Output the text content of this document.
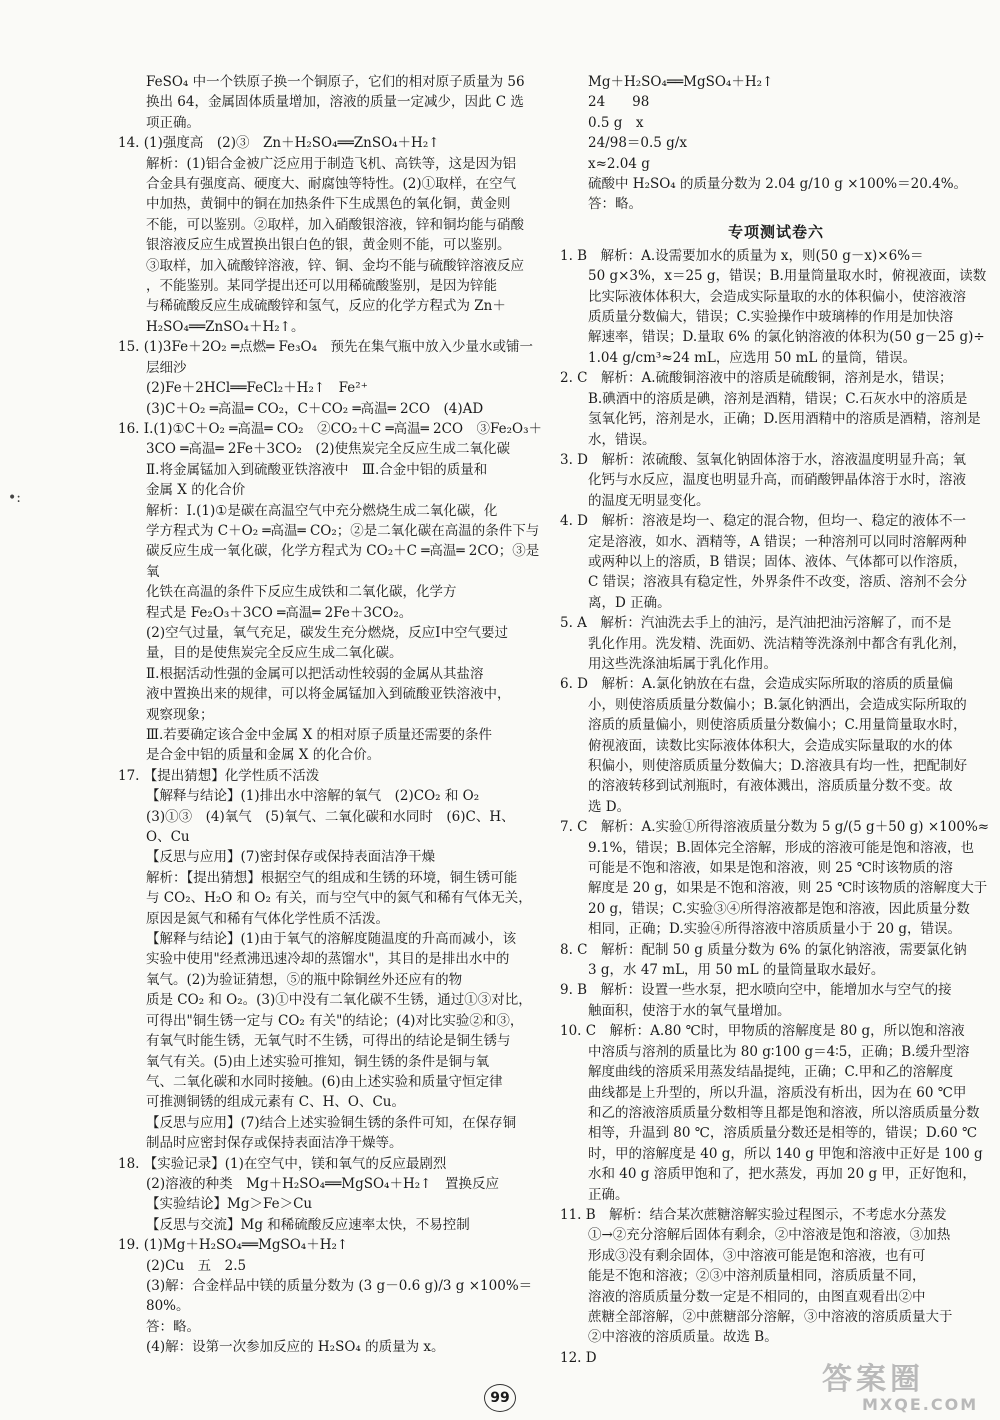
FeSO₄ 中一个铁原子换一个铜原子，它们的相对原子质量为 56

换出 64，金属固体质量增加，溶液的质量一定减少，因此 C 选

项正确。

14. (1)强度高　(2)③　Zn＋H₂SO₄══ZnSO₄＋H₂↑

解析：(1)铝合金被广泛应用于制造飞机、高铁等，这是因为铝

合金具有强度高、硬度大、耐腐蚀等特性。(2)①取样，在空气

中加热，黄铜中的铜在加热条件下生成黑色的氧化铜，黄金则

不能，可以鉴别。②取样，加入硝酸银溶液，锌和铜均能与硝酸

银溶液反应生成置换出银白色的银，黄金则不能，可以鉴别。

③取样，加入硫酸锌溶液，锌、铜、金均不能与硫酸锌溶液反应

，不能鉴别。某同学提出还可以用稀硫酸鉴别，是因为锌能

与稀硫酸反应生成硫酸锌和氢气，反应的化学方程式为 Zn＋

H₂SO₄══ZnSO₄＋H₂↑。

15. (1)3Fe＋2O₂ ═点燃═ Fe₃O₄　预先在集气瓶中放入少量水或铺一

层细沙

(2)Fe＋2HCl══FeCl₂＋H₂↑　Fe²⁺

(3)C＋O₂ ═高温═ CO₂，C＋CO₂ ═高温═ 2CO　(4)AD

16. Ⅰ.(1)①C＋O₂ ═高温═ CO₂　②CO₂＋C ═高温═ 2CO　③Fe₂O₃＋

3CO ═高温═ 2Fe＋3CO₂　(2)使焦炭完全反应生成二氧化碳

Ⅱ.将金属锰加入到硫酸亚铁溶液中　Ⅲ.合金中铝的质量和

金属 X 的化合价

解析：Ⅰ.(1)①是碳在高温空气中充分燃烧生成二氧化碳，化

学方程式为 C＋O₂ ═高温═ CO₂；②是二氧化碳在高温的条件下与

碳反应生成一氧化碳，化学方程式为 CO₂＋C ═高温═ 2CO；③是氧

化铁在高温的条件下反应生成铁和二氧化碳，化学方

程式是 Fe₂O₃＋3CO ═高温═ 2Fe＋3CO₂。

(2)空气过量，氧气充足，碳发生充分燃烧，反应Ⅰ中空气要过

量，目的是使焦炭完全反应生成二氧化碳。

Ⅱ.根据活动性强的金属可以把活动性较弱的金属从其盐溶

液中置换出来的规律，可以将金属锰加入到硫酸亚铁溶液中，

观察现象；

Ⅲ.若要确定该合金中金属 X 的相对原子质量还需要的条件

是合金中铝的质量和金属 X 的化合价。

17. 【提出猜想】化学性质不活泼

【解释与结论】(1)排出水中溶解的氧气　(2)CO₂ 和 O₂

(3)①③　(4)氧气　(5)氧气、二氧化碳和水同时　(6)C、H、

O、Cu

【反思与应用】(7)密封保存或保持表面洁净干燥

解析：【提出猜想】根据空气的组成和生锈的环境，铜生锈可能

与 CO₂、H₂O 和 O₂ 有关，而与空气中的氮气和稀有气体无关，

原因是氮气和稀有气体化学性质不活泼。

【解释与结论】(1)由于氧气的溶解度随温度的升高而减小，该

实验中使用"经煮沸迅速冷却的蒸馏水"，其目的是排出水中的

氧气。(2)为验证猜想，⑤的瓶中除铜丝外还应有的物

质是 CO₂ 和 O₂。(3)①中没有二氧化碳不生锈，通过①③对比，

可得出"铜生锈一定与 CO₂ 有关"的结论；(4)对比实验②和③，

有氧气时能生锈，无氧气时不生锈，可得出的结论是铜生锈与

氧气有关。(5)由上述实验可推知，铜生锈的条件是铜与氧

气、二氧化碳和水同时接触。(6)由上述实验和质量守恒定律

可推测铜锈的组成元素有 C、H、O、Cu。

【反思与应用】(7)结合上述实验铜生锈的条件可知，在保存铜

制品时应密封保存或保持表面洁净干燥等。

18. 【实验记录】(1)在空气中，镁和氧气的反应最剧烈

(2)溶液的种类　Mg＋H₂SO₄══MgSO₄＋H₂↑　置换反应

【实验结论】Mg＞Fe＞Cu

【反思与交流】Mg 和稀硫酸反应速率太快，不易控制

19. (1)Mg＋H₂SO₄══MgSO₄＋H₂↑

(2)Cu　五　2.5

(3)解：合金样品中镁的质量分数为 (3 g－0.6 g)/3 g ×100%＝80%。

答：略。

(4)解：设第一次参加反应的 H₂SO₄ 的质量为 x。

Mg＋H₂SO₄══MgSO₄＋H₂↑

24　　98

0.5 g　x

24/98＝0.5 g/x

x≈2.04 g

硫酸中 H₂SO₄ 的质量分数为 2.04 g/10 g ×100%＝20.4%。

答：略。

专项测试卷六

1. B　解析：A.设需要加水的质量为 x，则(50 g－x)×6%＝

50 g×3%，x＝25 g，错误；B.用量筒量取水时，俯视液面，读数

比实际液体体积大，会造成实际量取的水的体积偏小，使溶液溶

质质量分数偏大，错误；C.实验操作中玻璃棒的作用是加快溶

解速率，错误；D.量取 6% 的氯化钠溶液的体积为(50 g－25 g)÷

1.04 g/cm³≈24 mL，应选用 50 mL 的量筒，错误。

2. C　解析：A.硫酸铜溶液中的溶质是硫酸铜，溶剂是水，错误；

B.碘酒中的溶质是碘，溶剂是酒精，错误；C.石灰水中的溶质是

氢氧化钙，溶剂是水，正确；D.医用酒精中的溶质是酒精，溶剂是

水，错误。

3. D　解析：浓硫酸、氢氧化钠固体溶于水，溶液温度明显升高；氧

化钙与水反应，温度也明显升高，而硝酸钾晶体溶于水时，溶液

的温度无明显变化。

4. D　解析：溶液是均一、稳定的混合物，但均一、稳定的液体不一

定是溶液，如水、酒精等，A 错误；一种溶剂可以同时溶解两种

或两种以上的溶质，B 错误；固体、液体、气体都可以作溶质，

C 错误；溶液具有稳定性，外界条件不改变，溶质、溶剂不会分

离，D 正确。

5. A　解析：汽油洗去手上的油污，是汽油把油污溶解了，而不是

乳化作用。洗发精、洗面奶、洗洁精等洗涤剂中都含有乳化剂，

用这些洗涤油垢属于乳化作用。

6. D　解析：A.氯化钠放在右盘，会造成实际所取的溶质的质量偏

小，则使溶质质量分数偏小；B.氯化钠洒出，会造成实际所取的

溶质的质量偏小，则使溶质质量分数偏小；C.用量筒量取水时，

俯视液面，读数比实际液体体积大，会造成实际量取的水的体

积偏小，则使溶质质量分数偏大；D.溶液具有均一性，把配制好

的溶液转移到试剂瓶时，有液体溅出，溶质质量分数不变。故

选 D。

7. C　解析：A.实验①所得溶液质量分数为 5 g/(5 g＋50 g) ×100%≈

9.1%，错误；B.固体完全溶解，形成的溶液可能是饱和溶液，也

可能是不饱和溶液，如果是饱和溶液，则 25 ℃时该物质的溶

解度是 20 g，如果是不饱和溶液，则 25 ℃时该物质的溶解度大于

20 g，错误；C.实验③④所得溶液都是饱和溶液，因此质量分数

相同，正确；D.实验④所得溶液中溶质质量小于 20 g，错误。

8. C　解析：配制 50 g 质量分数为 6% 的氯化钠溶液，需要氯化钠

3 g，水 47 mL，用 50 mL 的量筒量取水最好。

9. B　解析：设置一些水泵，把水喷向空中，能增加水与空气的接

触面积，使溶于水的氧气量增加。

10. C　解析：A.80 ℃时，甲物质的溶解度是 80 g，所以饱和溶液

中溶质与溶剂的质量比为 80 g∶100 g＝4∶5，正确；B.缓升型溶

解度曲线的溶质采用蒸发结晶提纯，正确；C.甲和乙的溶解度

曲线都是上升型的，所以升温，溶质没有析出，因为在 60 ℃甲

和乙的溶液溶质质量分数相等且都是饱和溶液，所以溶质质量分数

相等，升温到 80 ℃，溶质质量分数还是相等的，错误；D.60 ℃

时，甲的溶解度是 40 g，所以 140 g 甲饱和溶液中正好是 100 g

水和 40 g 溶质甲饱和了，把水蒸发，再加 20 g 甲，正好饱和，

正确。

11. B　解析：结合某次蔗糖溶解实验过程图示，不考虑水分蒸发

①→②充分溶解后固体有剩余，②中溶液是饱和溶液，③加热

形成③没有剩余固体，③中溶液可能是饱和溶液，也有可

能是不饱和溶液；②③中溶剂质量相同，溶质质量不同，

溶液的溶质质量分数一定是不相同的，由图直观看出②中

蔗糖全部溶解，②中蔗糖部分溶解，③中溶液的溶质质量大于

②中溶液的溶质质量。故选 B。

12. D

•:
99
答案圈
MXQE.COM
